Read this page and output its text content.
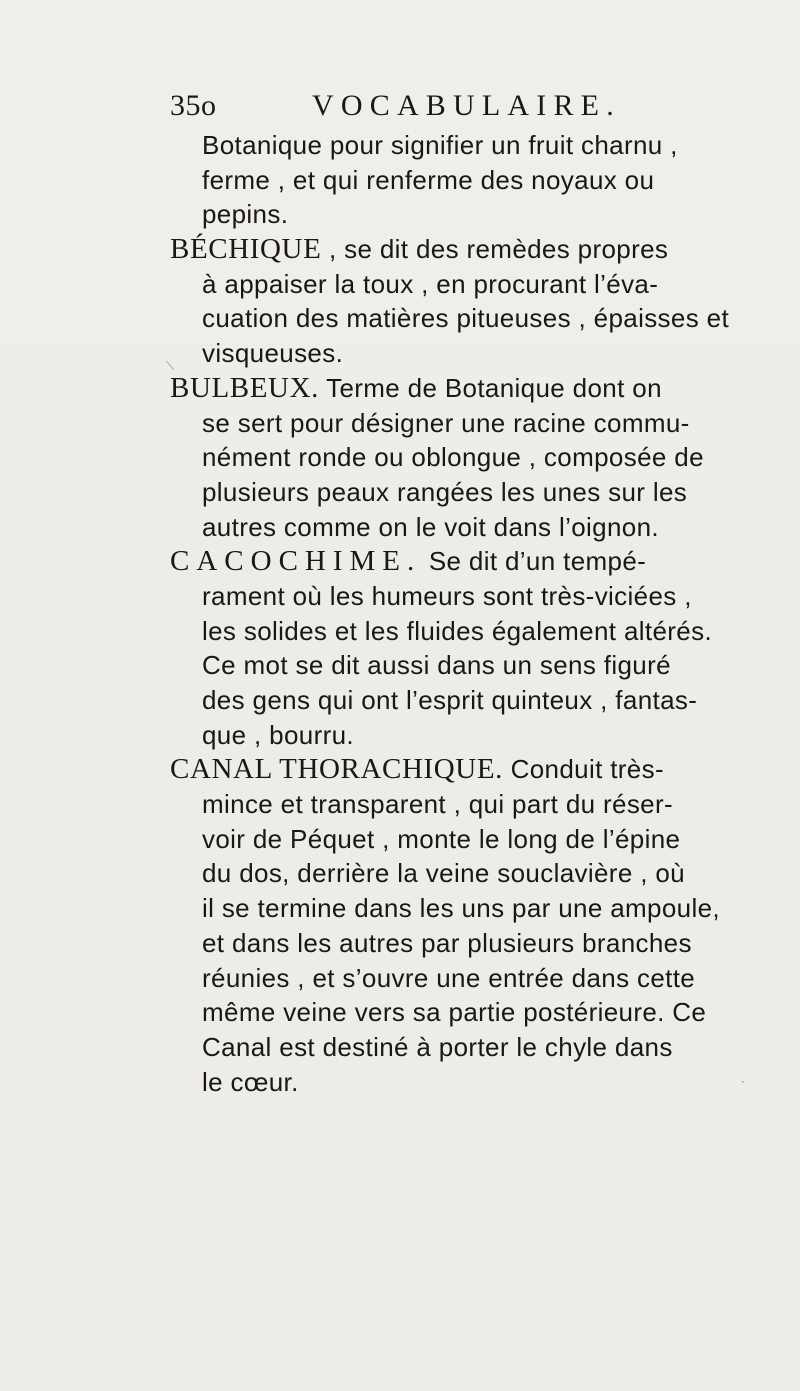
35o	VOCABULAIRE.
Botanique pour signifier un fruit charnu ,
ferme , et qui renferme des noyaux ou
pepins.
BÉCHIQUE , se dit des remèdes propres
à appaiser la toux , en procurant l’éva-
cuation des matières pitueuses , épaisses et
visqueuses.
BULBEUX. Terme de Botanique dont on
se sert pour désigner une racine commu-
nément ronde ou oblongue , composée de
plusieurs peaux rangées les unes sur les
autres comme on le voit dans l’oignon.
CACOCHIME. Se dit d’un tempé-
rament où les humeurs sont très-viciées ,
les solides et les fluides également altérés.
Ce mot se dit aussi dans un sens figuré
des gens qui ont l’esprit quinteux , fantas-
que , bourru.
CANAL THORACHIQUE. Conduit très-
mince et transparent , qui part du réser-
voir de Péquet , monte le long de l’épine
du dos, derrière la veine souclavière , où
il se termine dans les uns par une ampoule,
et dans les autres par plusieurs branches
réunies , et s’ouvre une entrée dans cette
même veine vers sa partie postérieure. Ce
Canal est destiné à porter le chyle dans
le cœur.
⟍
·
